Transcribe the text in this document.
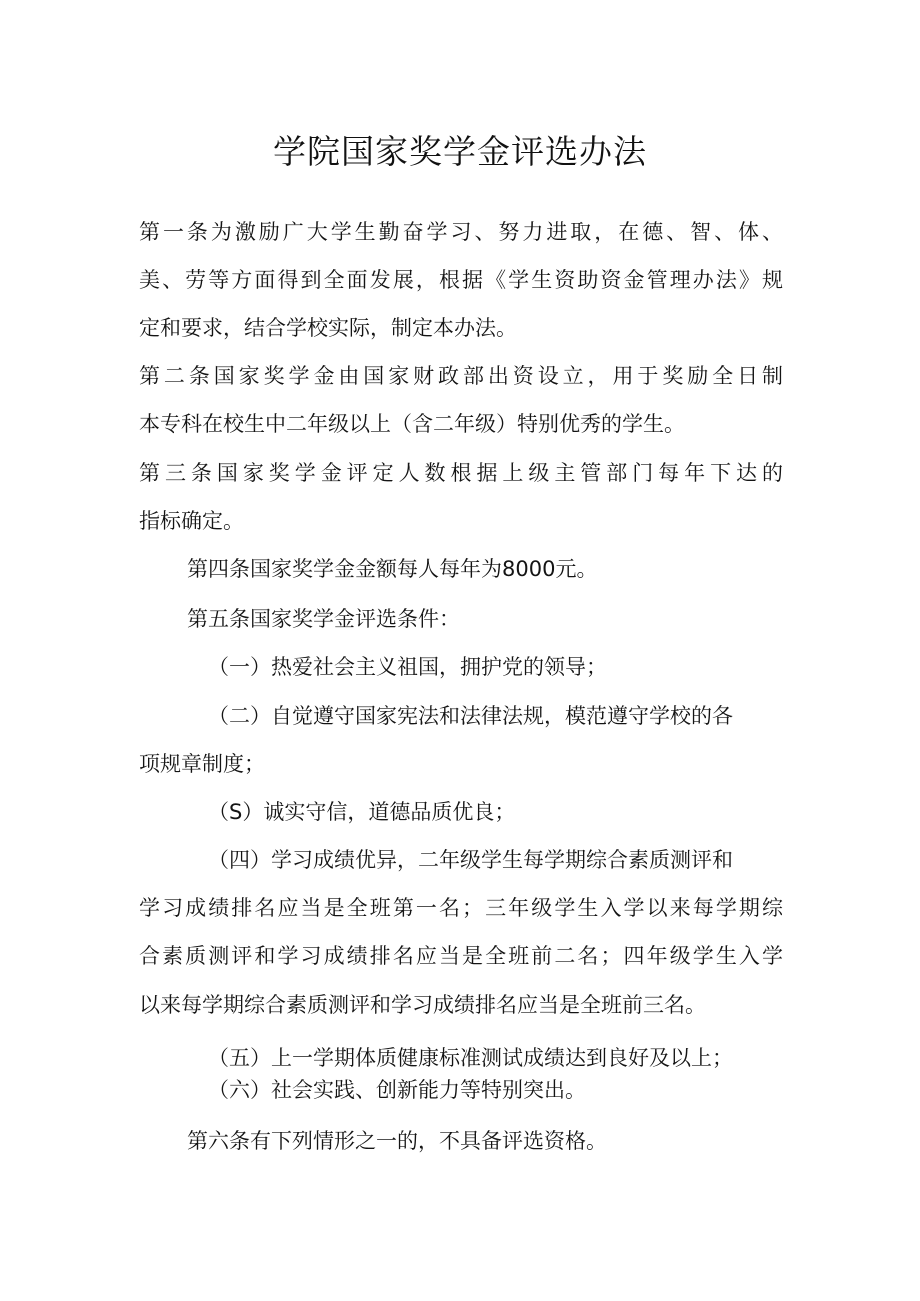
学院国家奖学金评选办法
第一条为激励广大学生勤奋学习、努力进取，在德、智、体、
美、劳等方面得到全面发展，根据《学生资助资金管理办法》规
定和要求，结合学校实际，制定本办法。
第二条国家奖学金由国家财政部出资设立，用于奖励全日制
本专科在校生中二年级以上（含二年级）特别优秀的学生。
第三条国家奖学金评定人数根据上级主管部门每年下达的
指标确定。
第四条国家奖学金金额每人每年为8000元。
第五条国家奖学金评选条件：
（一）热爱社会主义祖国，拥护党的领导；
（二）自觉遵守国家宪法和法律法规，模范遵守学校的各
项规章制度；
（S）诚实守信，道德品质优良；
（四）学习成绩优异，二年级学生每学期综合素质测评和
学习成绩排名应当是全班第一名；三年级学生入学以来每学期综
合素质测评和学习成绩排名应当是全班前二名；四年级学生入学
以来每学期综合素质测评和学习成绩排名应当是全班前三名。
（五）上一学期体质健康标准测试成绩达到良好及以上；
（六）社会实践、创新能力等特别突出。
第六条有下列情形之一的，不具备评选资格。
